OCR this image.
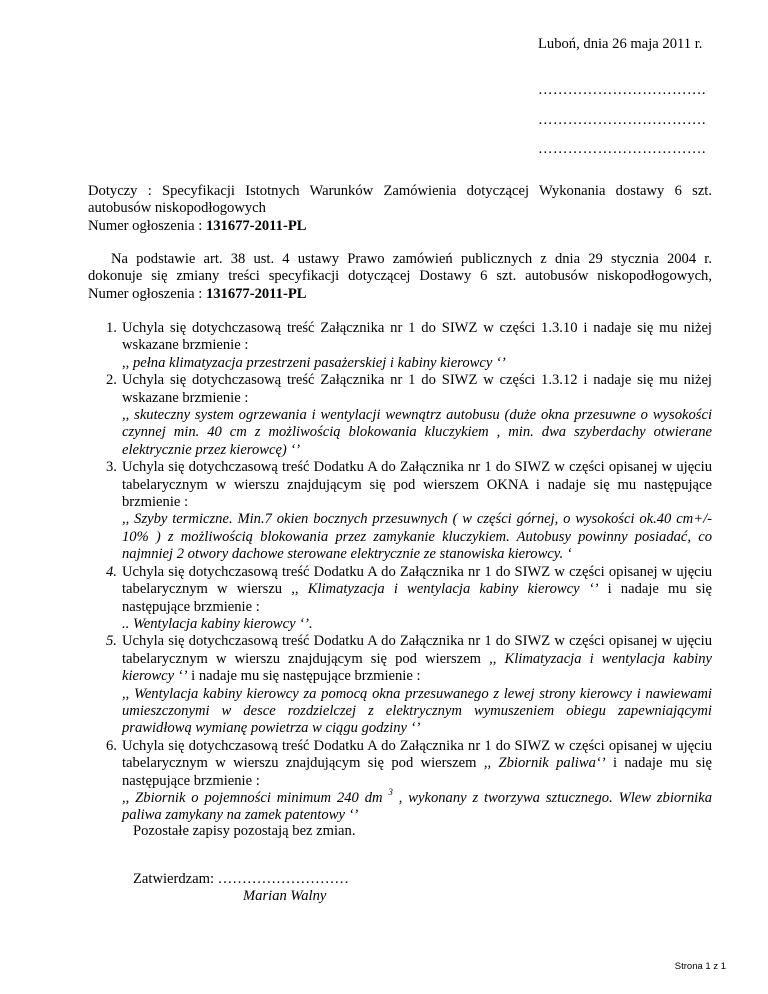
Luboń, dnia 26 maja 2011 r.
…………………………….
…………………………….
…………………………….
Dotyczy : Specyfikacji Istotnych Warunków Zamówienia dotyczącej Wykonania dostawy 6 szt.
autobusów niskopodłogowych
Numer ogłoszenia : 131677-2011-PL
Na podstawie art. 38 ust. 4 ustawy Prawo zamówień publicznych z dnia 29 stycznia 2004 r.
dokonuje się zmiany treści specyfikacji dotyczącej Dostawy 6 szt. autobusów niskopodłogowych,
Numer ogłoszenia : 131677-2011-PL
1. Uchyla się dotychczasową treść Załącznika nr 1 do SIWZ w części 1.3.10 i nadaje się mu niżej wskazane brzmienie :
,, pełna klimatyzacja przestrzeni pasażerskiej i kabiny kierowcy ‘’
2. Uchyla się dotychczasową treść Załącznika nr 1 do SIWZ w części 1.3.12 i nadaje się mu niżej wskazane brzmienie :
,, skuteczny system ogrzewania i wentylacji wewnątrz autobusu (duże okna przesuwne o wysokości czynnej min. 40 cm z możliwością blokowania kluczykiem , min. dwa szyberdachy otwierane elektrycznie przez kierowcę) ‘’
3. Uchyla się dotychczasową treść Dodatku A do Załącznika nr 1 do SIWZ w części opisanej w ujęciu tabelarycznym w wierszu znajdującym się pod wierszem OKNA i nadaje się mu następujące brzmienie :
,, Szyby termiczne. Min.7 okien bocznych przesuwnych ( w części górnej, o wysokości ok.40 cm+/- 10% ) z możliwością blokowania przez zamykanie kluczykiem. Autobusy powinny posiadać, co najmniej 2 otwory dachowe sterowane elektrycznie ze stanowiska kierowcy. ‘
4. Uchyla się dotychczasową treść Dodatku A do Załącznika nr 1 do SIWZ w części opisanej w ujęciu tabelarycznym w wierszu ,, Klimatyzacja i wentylacja kabiny kierowcy ‘’ i nadaje mu się następujące brzmienie :
.. Wentylacja kabiny kierowcy ‘’.
5. Uchyla się dotychczasową treść Dodatku A do Załącznika nr 1 do SIWZ w części opisanej w ujęciu tabelarycznym w wierszu znajdującym się pod wierszem ,, Klimatyzacja i wentylacja kabiny kierowcy ‘’ i nadaje mu się następujące brzmienie :
,, Wentylacja kabiny kierowcy za pomocą okna przesuwanego z lewej strony kierowcy i nawiewami umieszczonymi w desce rozdzielczej z elektrycznym wymuszeniem obiegu zapewniającymi prawidłową wymianę powietrza w ciągu godziny ‘’
6. Uchyla się dotychczasową treść Dodatku A do Załącznika nr 1 do SIWZ w części opisanej w ujęciu tabelarycznym w wierszu znajdującym się pod wierszem ,, Zbiornik paliwa‘’ i nadaje mu się następujące brzmienie :
,, Zbiornik o pojemności minimum 240 dm $^3$ , wykonany z tworzywa sztucznego. Wlew zbiornika paliwa zamykany na zamek patentowy ‘’
Pozostałe zapisy pozostają bez zmian.
Zatwierdzam: ………………………
Marian Walny
Strona 1 z 1
